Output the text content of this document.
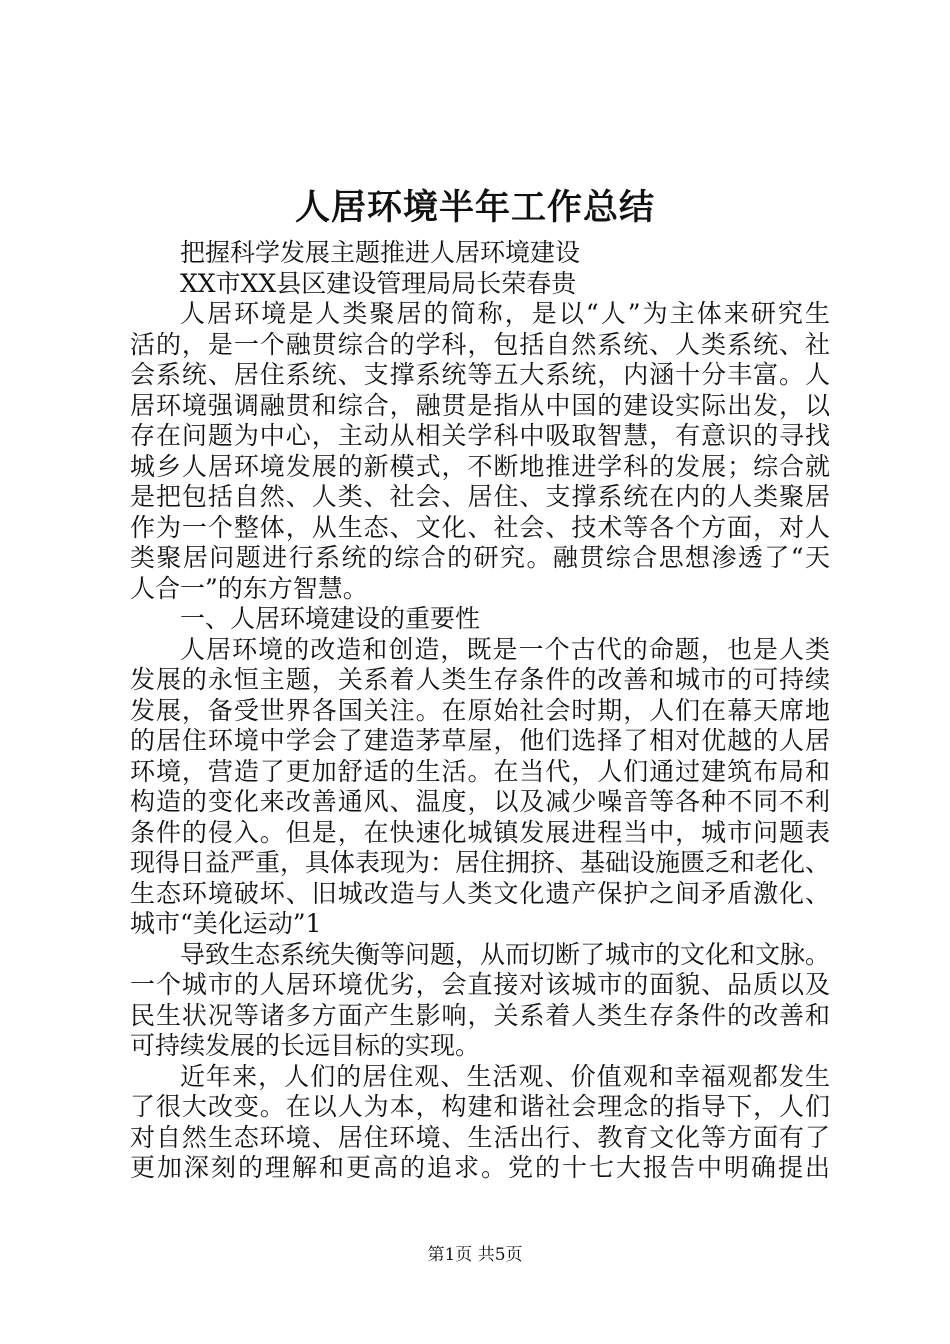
人居环境半年工作总结
把握科学发展主题推进人居环境建设
XX市XX县区建设管理局局长荣春贵
人居环境是人类聚居的简称，是以“人”为主体来研究生
活的，是一个融贯综合的学科，包括自然系统、人类系统、社
会系统、居住系统、支撑系统等五大系统，内涵十分丰富。人
居环境强调融贯和综合，融贯是指从中国的建设实际出发，以
存在问题为中心，主动从相关学科中吸取智慧，有意识的寻找
城乡人居环境发展的新模式，不断地推进学科的发展；综合就
是把包括自然、人类、社会、居住、支撑系统在内的人类聚居
作为一个整体，从生态、文化、社会、技术等各个方面，对人
类聚居问题进行系统的综合的研究。融贯综合思想渗透了“天
人合一”的东方智慧。
一、人居环境建设的重要性
人居环境的改造和创造，既是一个古代的命题，也是人类
发展的永恒主题，关系着人类生存条件的改善和城市的可持续
发展，备受世界各国关注。在原始社会时期，人们在幕天席地
的居住环境中学会了建造茅草屋，他们选择了相对优越的人居
环境，营造了更加舒适的生活。在当代，人们通过建筑布局和
构造的变化来改善通风、温度，以及减少噪音等各种不同不利
条件的侵入。但是，在快速化城镇发展进程当中，城市问题表
现得日益严重，具体表现为：居住拥挤、基础设施匮乏和老化、
生态环境破坏、旧城改造与人类文化遗产保护之间矛盾激化、
城市“美化运动”1
导致生态系统失衡等问题，从而切断了城市的文化和文脉。
一个城市的人居环境优劣，会直接对该城市的面貌、品质以及
民生状况等诸多方面产生影响，关系着人类生存条件的改善和
可持续发展的长远目标的实现。
近年来，人们的居住观、生活观、价值观和幸福观都发生
了很大改变。在以人为本，构建和谐社会理念的指导下，人们
对自然生态环境、居住环境、生活出行、教育文化等方面有了
更加深刻的理解和更高的追求。党的十七大报告中明确提出
第1页 共5页
